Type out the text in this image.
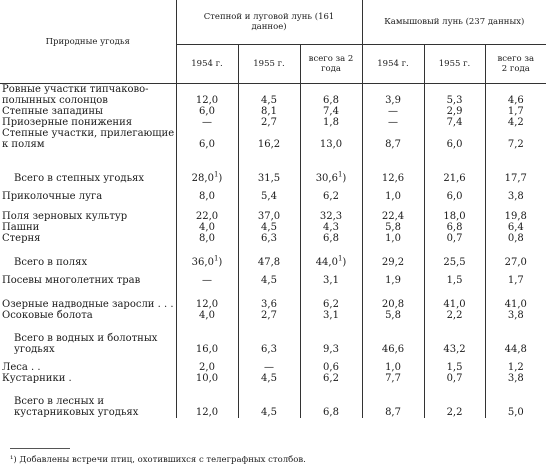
Природные угодья	Степной и луговой лунь (161 данное)			Камышовый лунь (237 данных)		
	1954 г.	1955 г.	всего за 2 года	1954 г.	1955 г.	всего за 2 года
Ровные участки типчаково-полынных солонцов	12,0	4,5	6,8	3,9	5,3	4,6
Степные западины	6,0	8,1	7,4	—	2,9	1,7
Приозерные понижения	—	2,7	1,8	—	7,4	4,2
Степные участки, прилегающие к полям	6,0	16,2	13,0	8,7	6,0	7,2
Всего в степных угодьях	28,0$^1$)	31,5	30,6$^1$)	12,6	21,6	17,7
Приколочные луга	8,0	5,4	6,2	1,0	6,0	3,8
Поля зерновых культур	22,0	37,0	32,3	22,4	18,0	19,8
Пашни	4,0	4,5	4,3	5,8	6,8	6,4
Стерня	8,0	6,3	6,8	1,0	0,7	0,8
Всего в полях	36,0$^1$)	47,8	44,0$^1$)	29,2	25,5	27,0
Посевы многолетних трав	—	4,5	3,1	1,9	1,5	1,7
Озерные надводные заросли . . .	12,0	3,6	6,2	20,8	41,0	41,0
Осоковые болота	4,0	2,7	3,1	5,8	2,2	3,8
Всего в водных и болотных угодьях	16,0	6,3	9,3	46,6	43,2	44,8
Леса . .	2,0	—	0,6	1,0	1,5	1,2
Кустарники .	10,0	4,5	6,2	7,7	0,7	3,8
Всего в лесных и кустарниковых угодьях	12,0	4,5	6,8	8,7	2,2	5,0
¹) Добавлены встречи птиц, охотившихся с телеграфных столбов.
